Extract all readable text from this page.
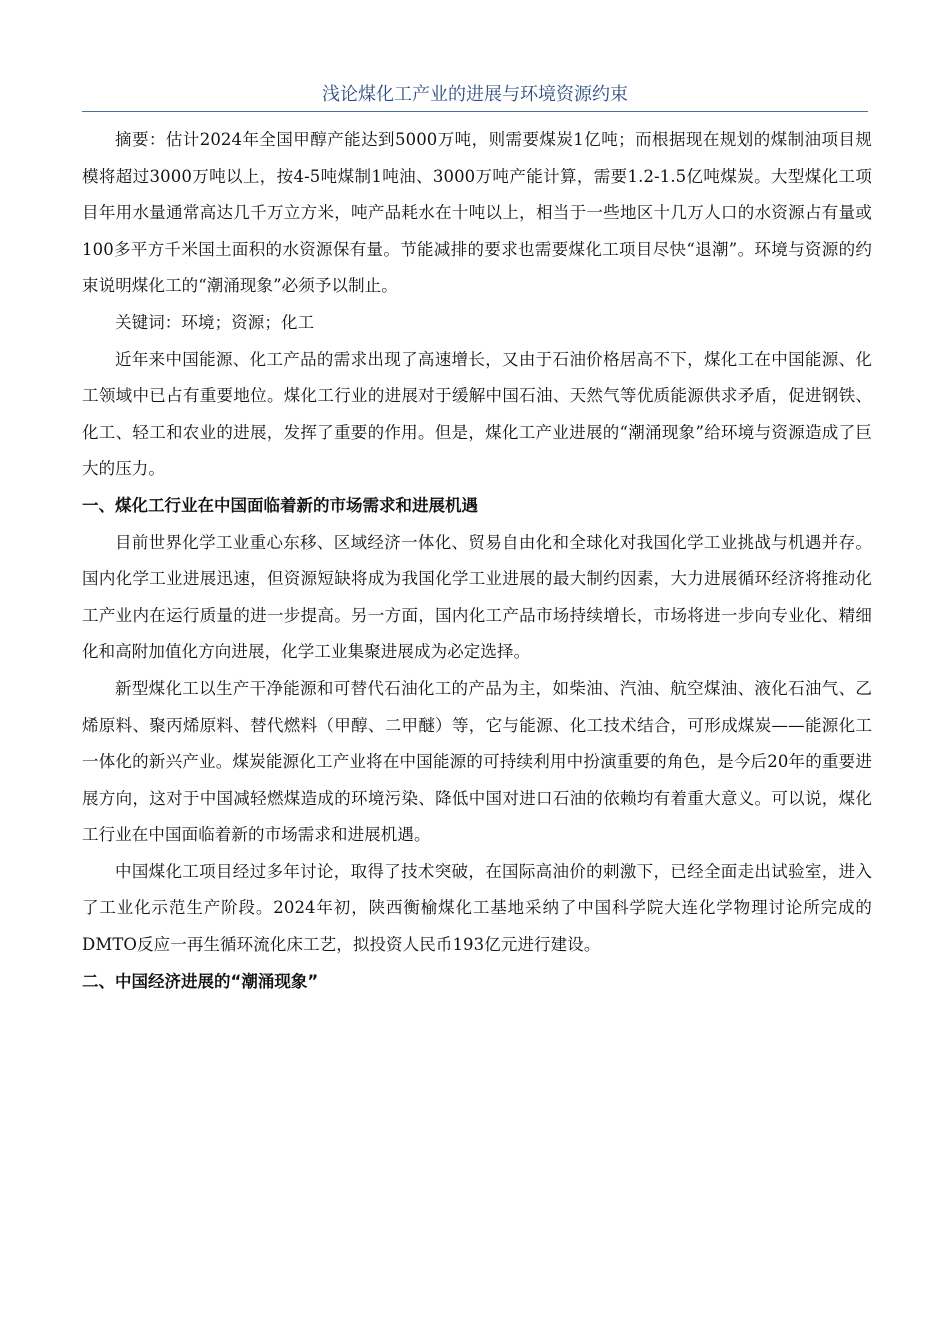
浅论煤化工产业的进展与环境资源约束

摘要：估计2024年全国甲醇产能达到5000万吨，则需要煤炭1亿吨；而根据现在规划的煤制油项目规模将超过3000万吨以上，按4-5吨煤制1吨油、3000万吨产能计算，需要1.2-1.5亿吨煤炭。大型煤化工项目年用水量通常高达几千万立方米，吨产品耗水在十吨以上，相当于一些地区十几万人口的水资源占有量或100多平方千米国土面积的水资源保有量。节能减排的要求也需要煤化工项目尽快“退潮”。环境与资源的约束说明煤化工的“潮涌现象”必须予以制止。

关键词：环境；资源；化工

近年来中国能源、化工产品的需求出现了高速增长，又由于石油价格居高不下，煤化工在中国能源、化工领域中已占有重要地位。煤化工行业的进展对于缓解中国石油、天然气等优质能源供求矛盾，促进钢铁、化工、轻工和农业的进展，发挥了重要的作用。但是，煤化工产业进展的“潮涌现象”给环境与资源造成了巨大的压力。

一、煤化工行业在中国面临着新的市场需求和进展机遇

目前世界化学工业重心东移、区域经济一体化、贸易自由化和全球化对我国化学工业挑战与机遇并存。国内化学工业进展迅速，但资源短缺将成为我国化学工业进展的最大制约因素，大力进展循环经济将推动化工产业内在运行质量的进一步提高。另一方面，国内化工产品市场持续增长，市场将进一步向专业化、精细化和高附加值化方向进展，化学工业集聚进展成为必定选择。

新型煤化工以生产干净能源和可替代石油化工的产品为主，如柴油、汽油、航空煤油、液化石油气、乙烯原料、聚丙烯原料、替代燃料（甲醇、二甲醚）等，它与能源、化工技术结合，可形成煤炭——能源化工一体化的新兴产业。煤炭能源化工产业将在中国能源的可持续利用中扮演重要的角色，是今后20年的重要进展方向，这对于中国减轻燃煤造成的环境污染、降低中国对进口石油的依赖均有着重大意义。可以说，煤化工行业在中国面临着新的市场需求和进展机遇。

中国煤化工项目经过多年讨论，取得了技术突破，在国际高油价的刺激下，已经全面走出试验室，进入了工业化示范生产阶段。2024年初，陕西衡榆煤化工基地采纳了中国科学院大连化学物理讨论所完成的DMTO反应一再生循环流化床工艺，拟投资人民币193亿元进行建设。

二、中国经济进展的“潮涌现象”
